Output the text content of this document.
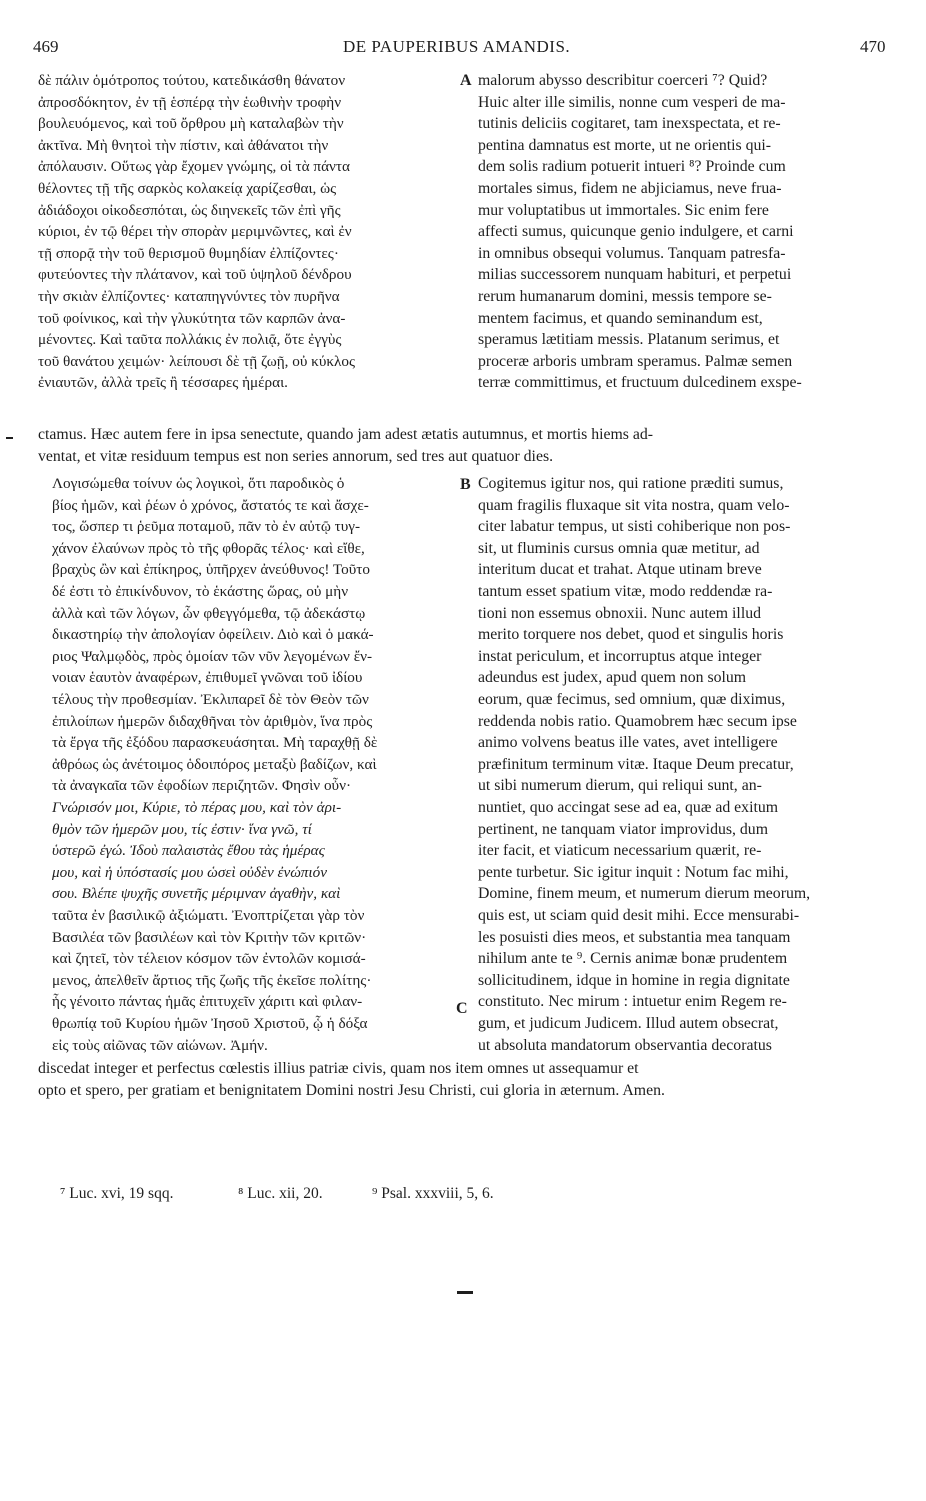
469	DE PAUPERIBUS AMANDIS.	470
δὲ πάλιν ὁμότροπος τούτου, κατεδικάσθη θάνατον
ἀπροσδόκητον, ἐν τῇ ἑσπέρᾳ τὴν ἑωθινὴν τροφὴν
βουλευόμενος, καὶ τοῦ ὄρθρου μὴ καταλαβὼν τὴν
ἀκτῖνα. Μὴ θνητοὶ τὴν πίστιν, καὶ ἀθάνατοι τὴν
ἀπόλαυσιν. Οὕτως γὰρ ἔχομεν γνώμης, οἱ τὰ πάντα
θέλοντες τῇ τῆς σαρκὸς κολακείᾳ χαρίζεσθαι, ὡς
ἀδιάδοχοι οἰκοδεσπόται, ὡς διηνεκεῖς τῶν ἐπὶ γῆς
κύριοι, ἐν τῷ θέρει τὴν σπορὰν μεριμνῶντες, καὶ ἐν
τῇ σπορᾷ τὴν τοῦ θερισμοῦ θυμηδίαν ἐλπίζοντες·
φυτεύοντες τὴν πλάτανον, καὶ τοῦ ὑψηλοῦ δένδρου
τὴν σκιὰν ἐλπίζοντες· καταπηγνύντες τὸν πυρῆνα
τοῦ φοίνικος, καὶ τὴν γλυκύτητα τῶν καρπῶν ἀνα-
μένοντες. Καὶ ταῦτα πολλάκις ἐν πολιᾷ, ὅτε ἐγγὺς
τοῦ θανάτου χειμών· λείπουσι δὲ τῇ ζωῇ, οὐ κύκλος
ἐνιαυτῶν, ἀλλὰ τρεῖς ἢ τέσσαρες ἡμέραι.
malorum abysso describitur coerceri ⁷? Quid?
Huic alter ille similis, nonne cum vesperi de ma-
tutinis deliciis cogitaret, tam inexspectata, et re-
pentina damnatus est morte, ut ne orientis qui-
dem solis radium potuerit intueri ⁸? Proinde cum
mortales simus, fidem ne abjiciamus, neve frua-
mur voluptatibus ut immortales. Sic enim fere
affecti sumus, quicunque genio indulgere, et carni
in omnibus obsequi volumus. Tanquam patresfa-
milias successorem nunquam habituri, et perpetui
rerum humanarum domini, messis tempore se-
mentem facimus, et quando seminandum est,
speramus lætitiam messis. Platanum serimus, et
proceræ arboris umbram speramus. Palmæ semen
terræ committimus, et fructuum dulcedinem exspe-
ctamus. Hæc autem fere in ipsa senectute, quando jam adest ætatis autumnus, et mortis hiems ad-
ventat, et vitæ residuum tempus est non series annorum, sed tres aut quatuor dies.
Λογισώμεθα τοίνυν ὡς λογικοὶ, ὅτι παροδικὸς ὁ
βίος ἡμῶν, καὶ ῥέων ὁ χρόνος, ἄστατός τε καὶ ἄσχε-
τος, ὥσπερ τι ῥεῦμα ποταμοῦ, πᾶν τὸ ἐν αὐτῷ τυγ-
χάνον ἐλαύνων πρὸς τὸ τῆς φθορᾶς τέλος· καὶ εἴθε,
βραχὺς ὢν καὶ ἐπίκηρος, ὑπῆρχεν ἀνεύθυνος! Τοῦτο
δέ ἐστι τὸ ἐπικίνδυνον, τὸ ἑκάστης ὥρας, οὐ μὴν
ἀλλὰ καὶ τῶν λόγων, ὧν φθεγγόμεθα, τῷ ἀδεκάστῳ
δικαστηρίῳ τὴν ἀπολογίαν ὀφείλειν. Διὸ καὶ ὁ μακά-
ριος Ψαλμῳδὸς, πρὸς ὁμοίαν τῶν νῦν λεγομένων ἔν-
νοιαν ἑαυτὸν ἀναφέρων, ἐπιθυμεῖ γνῶναι τοῦ ἰδίου
τέλους τὴν προθεσμίαν. Ἐκλιπαρεῖ δὲ τὸν Θεὸν τῶν
ἐπιλοίπων ἡμερῶν διδαχθῆναι τὸν ἀριθμὸν, ἵνα πρὸς
τὰ ἔργα τῆς ἐξόδου παρασκευάσηται. Μὴ ταραχθῇ δὲ
ἀθρόως ὡς ἀνέτοιμος ὁδοιπόρος μεταξὺ βαδίζων, καὶ
τὰ ἀναγκαῖα τῶν ἐφοδίων περιζητῶν. Φησὶν οὖν·
Γνώρισόν μοι, Κύριε, τὸ πέρας μου, καὶ τὸν ἀρι-
θμὸν τῶν ἡμερῶν μου, τίς ἐστιν· ἵνα γνῶ, τί
ὑστερῶ ἐγώ. Ἰδοὺ παλαιστὰς ἔθου τὰς ἡμέρας
μου, καὶ ἡ ὑπόστασίς μου ὡσεὶ οὐδὲν ἐνώπιόν
σου. Βλέπε ψυχῆς συνετῆς μέριμναν ἀγαθὴν, καὶ
ταῦτα ἐν βασιλικῷ ἀξιώματι. Ἐνοπτρίζεται γὰρ τὸν
Βασιλέα τῶν βασιλέων καὶ τὸν Κριτὴν τῶν κριτῶν·
καὶ ζητεῖ, τὸν τέλειον κόσμον τῶν ἐντολῶν κομισά-
μενος, ἀπελθεῖν ἄρτιος τῆς ζωῆς τῆς ἐκεῖσε πολίτης·
ἧς γένοιτο πάντας ἡμᾶς ἐπιτυχεῖν χάριτι καὶ φιλαν-
θρωπίᾳ τοῦ Κυρίου ἡμῶν Ἰησοῦ Χριστοῦ, ᾧ ἡ δόξα
εἰς τοὺς αἰῶνας τῶν αἰώνων. Ἀμήν.
Cogitemus igitur nos, qui ratione præditi sumus,
quam fragilis fluxaque sit vita nostra, quam velo-
citer labatur tempus, ut sisti cohiberique non pos-
sit, ut fluminis cursus omnia quæ metitur, ad
interitum ducat et trahat. Atque utinam breve
tantum esset spatium vitæ, modo reddendæ ra-
tioni non essemus obnoxii. Nunc autem illud
merito torquere nos debet, quod et singulis horis
instat periculum, et incorruptus atque integer
adeundus est judex, apud quem non solum
eorum, quæ fecimus, sed omnium, quæ diximus,
reddenda nobis ratio. Quamobrem hæc secum ipse
animo volvens beatus ille vates, avet intelligere
præfinitum terminum vitæ. Itaque Deum precatur,
ut sibi numerum dierum, qui reliqui sunt, an-
nuntiet, quo accingat sese ad ea, quæ ad exitum
pertinent, ne tanquam viator improvidus, dum
iter facit, et viaticum necessarium quærit, re-
pente turbetur. Sic igitur inquit : Notum fac mihi,
Domine, finem meum, et numerum dierum meorum,
quis est, ut sciam quid desit mihi. Ecce mensurabi-
les posuisti dies meos, et substantia mea tanquam
nihilum ante te ⁹. Cernis animæ bonæ prudentem
sollicitudinem, idque in homine in regia dignitate
constituto. Nec mirum : intuetur enim Regem re-
gum, et judicum Judicem. Illud autem obsecrat,
ut absoluta mandatorum observantia decoratus
discedat integer et perfectus cœlestis illius patriæ civis, quam nos item omnes ut assequamur et
opto et spero, per gratiam et benignitatem Domini nostri Jesu Christi, cui gloria in æternum. Amen.
A
B
C
⁷ Luc. xvi, 19 sqq.	⁸ Luc. xii, 20.	⁹ Psal. xxxviii, 5, 6.
